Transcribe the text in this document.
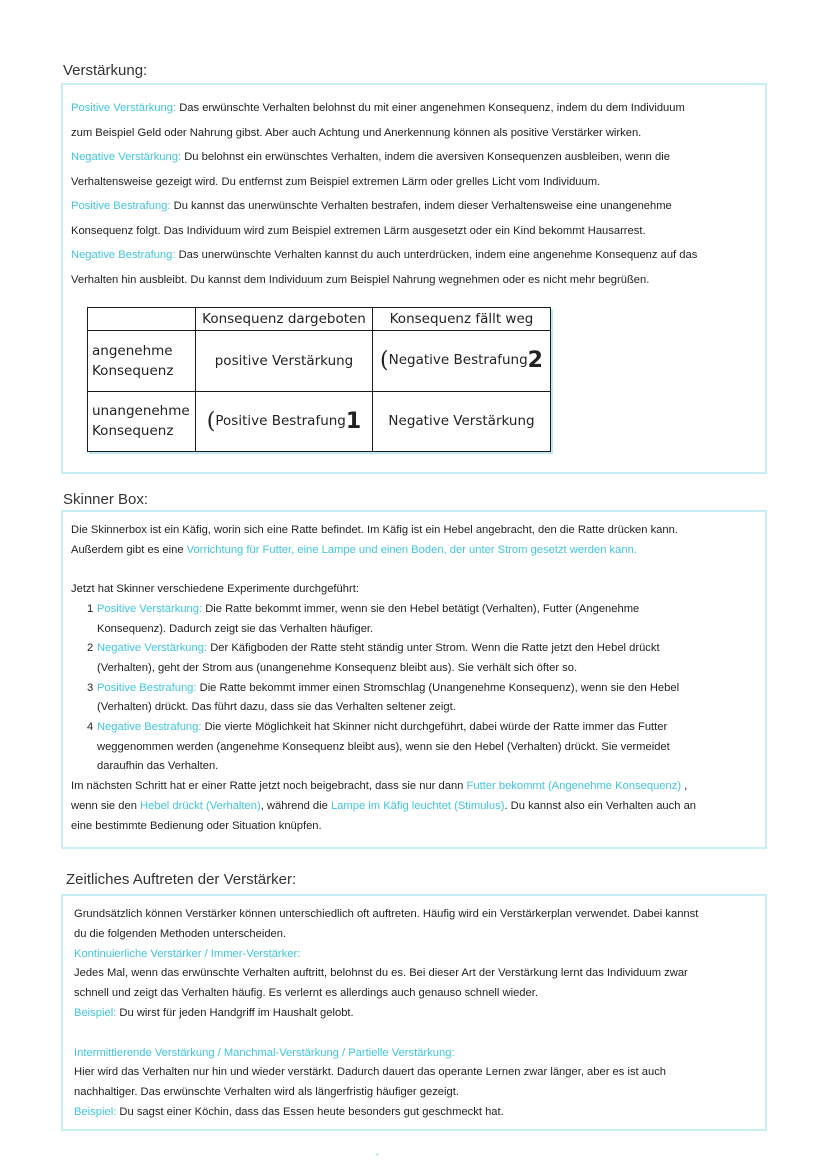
Verstärkung:
Positive Verstärkung: Das erwünschte Verhalten belohnst du mit einer angenehmen Konsequenz, indem du dem Individuum
zum Beispiel Geld oder Nahrung gibst. Aber auch Achtung und Anerkennung können als positive Verstärker wirken.
Negative Verstärkung: Du belohnst ein erwünschtes Verhalten, indem die aversiven Konsequenzen ausbleiben, wenn die
Verhaltensweise gezeigt wird. Du entfernst zum Beispiel extremen Lärm oder grelles Licht vom Individuum.
Positive Bestrafung: Du kannst das unerwünschte Verhalten bestrafen, indem dieser Verhaltensweise eine unangenehme
Konsequenz folgt. Das Individuum wird zum Beispiel extremen Lärm ausgesetzt oder ein Kind bekommt Hausarrest.
Negative Bestrafung: Das unerwünschte Verhalten kannst du auch unterdrücken, indem eine angenehme Konsequenz auf das
Verhalten hin ausbleibt. Du kannst dem Individuum zum Beispiel Nahrung wegnehmen oder es nicht mehr begrüßen.
	Konsequenz dargeboten	Konsequenz fällt weg
angenehme
Konsequenz	positive Verstärkung	(Negative Bestrafung2
unangenehme
Konsequenz	(Positive Bestrafung1	Negative Verstärkung
Skinner Box:
Die Skinnerbox ist ein Käfig, worin sich eine Ratte befindet. Im Käfig ist ein Hebel angebracht, den die Ratte drücken kann.
Außerdem gibt es eine Vorrichtung für Futter, eine Lampe und einen Boden, der unter Strom gesetzt werden kann.

Jetzt hat Skinner verschiedene Experimente durchgeführt:
1 Positive Verstärkung: Die Ratte bekommt immer, wenn sie den Hebel betätigt (Verhalten), Futter (Angenehme
Konsequenz). Dadurch zeigt sie das Verhalten häufiger.
2 Negative Verstärkung: Der Käfigboden der Ratte steht ständig unter Strom. Wenn die Ratte jetzt den Hebel drückt
(Verhalten), geht der Strom aus (unangenehme Konsequenz bleibt aus). Sie verhält sich öfter so.
3 Positive Bestrafung: Die Ratte bekommt immer einen Stromschlag (Unangenehme Konsequenz), wenn sie den Hebel
(Verhalten) drückt. Das führt dazu, dass sie das Verhalten seltener zeigt.
4 Negative Bestrafung: Die vierte Möglichkeit hat Skinner nicht durchgeführt, dabei würde der Ratte immer das Futter
weggenommen werden (angenehme Konsequenz bleibt aus), wenn sie den Hebel (Verhalten) drückt. Sie vermeidet
daraufhin das Verhalten.
Im nächsten Schritt hat er einer Ratte jetzt noch beigebracht, dass sie nur dann Futter bekommt (Angenehme Konsequenz) ,
wenn sie den Hebel drückt (Verhalten), während die Lampe im Käfig leuchtet (Stimulus). Du kannst also ein Verhalten auch an
eine bestimmte Bedienung oder Situation knüpfen.
Zeitliches Auftreten der Verstärker:
Grundsätzlich können Verstärker können unterschiedlich oft auftreten. Häufig wird ein Verstärkerplan verwendet. Dabei kannst
du die folgenden Methoden unterscheiden.
Kontinuierliche Verstärker / Immer-Verstärker:
Jedes Mal, wenn das erwünschte Verhalten auftritt, belohnst du es. Bei dieser Art der Verstärkung lernt das Individuum zwar
schnell und zeigt das Verhalten häufig. Es verlernt es allerdings auch genauso schnell wieder.
Beispiel: Du wirst für jeden Handgriff im Haushalt gelobt.

Intermittierende Verstärkung / Manchmal-Verstärkung / Partielle Verstärkung:
Hier wird das Verhalten nur hin und wieder verstärkt. Dadurch dauert das operante Lernen zwar länger, aber es ist auch
nachhaltiger. Das erwünschte Verhalten wird als längerfristig häufiger gezeigt.
Beispiel: Du sagst einer Köchin, dass das Essen heute besonders gut geschmeckt hat.
